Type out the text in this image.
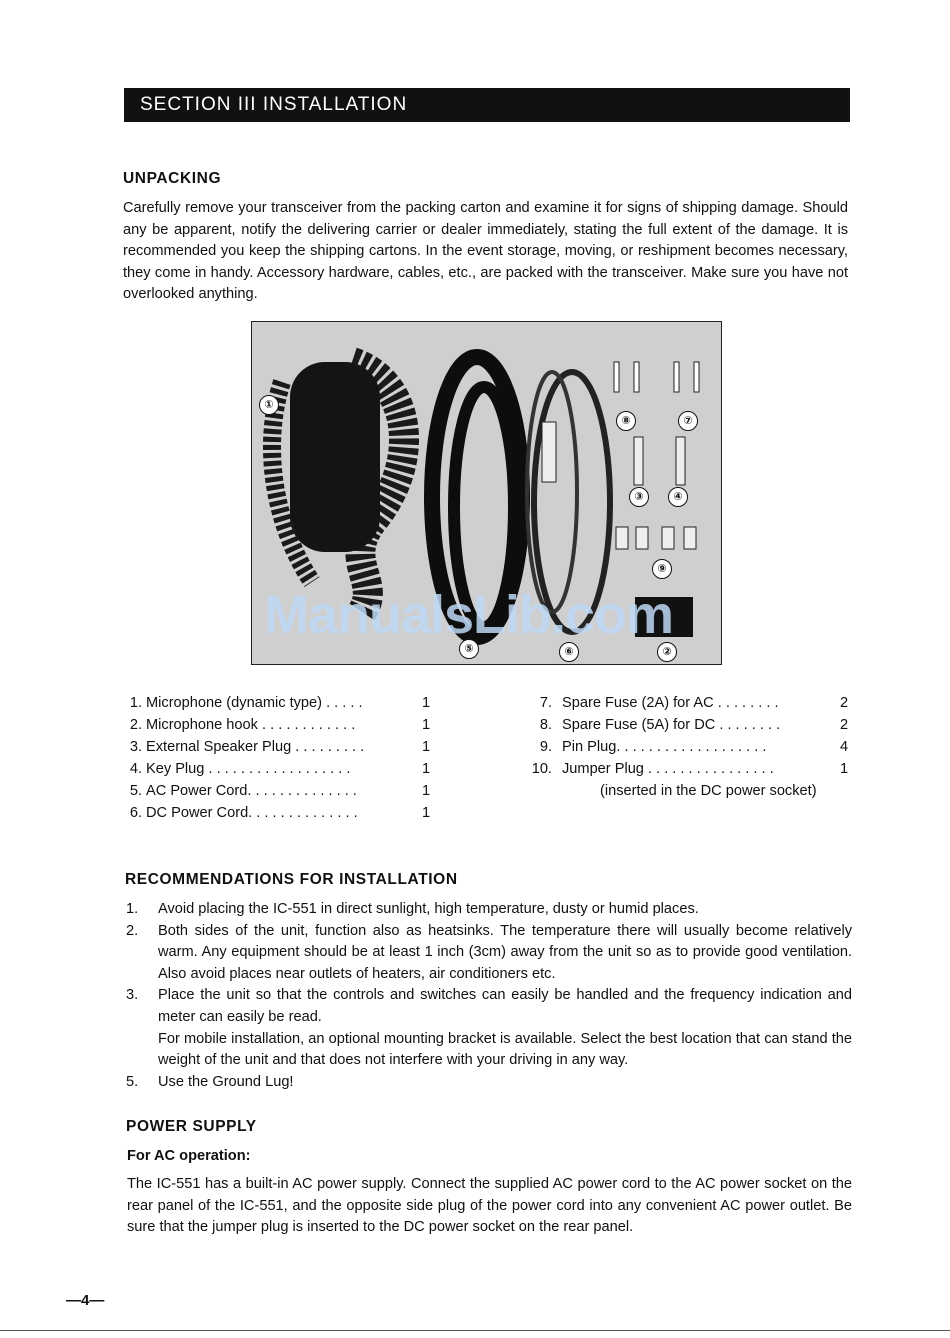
SECTION III INSTALLATION
UNPACKING
Carefully remove your transceiver from the packing carton and examine it for signs of shipping damage. Should any be apparent, notify the delivering carrier or dealer immediately, stating the full extent of the damage. It is recommended you keep the shipping cartons. In the event storage, moving, or reshipment becomes necessary, they come in handy. Accessory hardware, cables, etc., are packed with the transceiver. Make sure you have not overlooked anything.
①
⑧	⑦
③	④
⑨
⑤	⑥	②
ManualsLib.com
1. Microphone (dynamic type) . . . . .	1
2. Microphone hook . . . . . . . . . . . .	1
3. External Speaker Plug . . . . . . . . .	1
4. Key Plug . . . . . . . . . . . . . . . . . .	1
5. AC Power Cord. . . . . . . . . . . . . .	1
6. DC Power Cord. . . . . . . . . . . . . .	1
7. Spare Fuse (2A) for AC . . . . . . . .	2
8. Spare Fuse (5A) for DC . . . . . . . .	2
9. Pin Plug. . . . . . . . . . . . . . . . . . .	4
10. Jumper Plug . . . . . . . . . . . . . . . .	1
(inserted in the DC power socket)
RECOMMENDATIONS FOR INSTALLATION
1. Avoid placing the IC-551 in direct sunlight, high temperature, dusty or humid places.
2. Both sides of the unit, function also as heatsinks. The temperature there will usually become relatively warm. Any equipment should be at least 1 inch (3cm) away from the unit so as to provide good ventilation. Also avoid places near outlets of heaters, air conditioners etc.
3. Place the unit so that the controls and switches can easily be handled and the frequency indication and meter can easily be read.
For mobile installation, an optional mounting bracket is available. Select the best location that can stand the weight of the unit and that does not interfere with your driving in any way.
5. Use the Ground Lug!
POWER SUPPLY
For AC operation:
The IC-551 has a built-in AC power supply. Connect the supplied AC power cord to the AC power socket on the rear panel of the IC-551, and the opposite side plug of the power cord into any convenient AC power outlet. Be sure that the jumper plug is inserted to the DC power socket on the rear panel.
—4—
